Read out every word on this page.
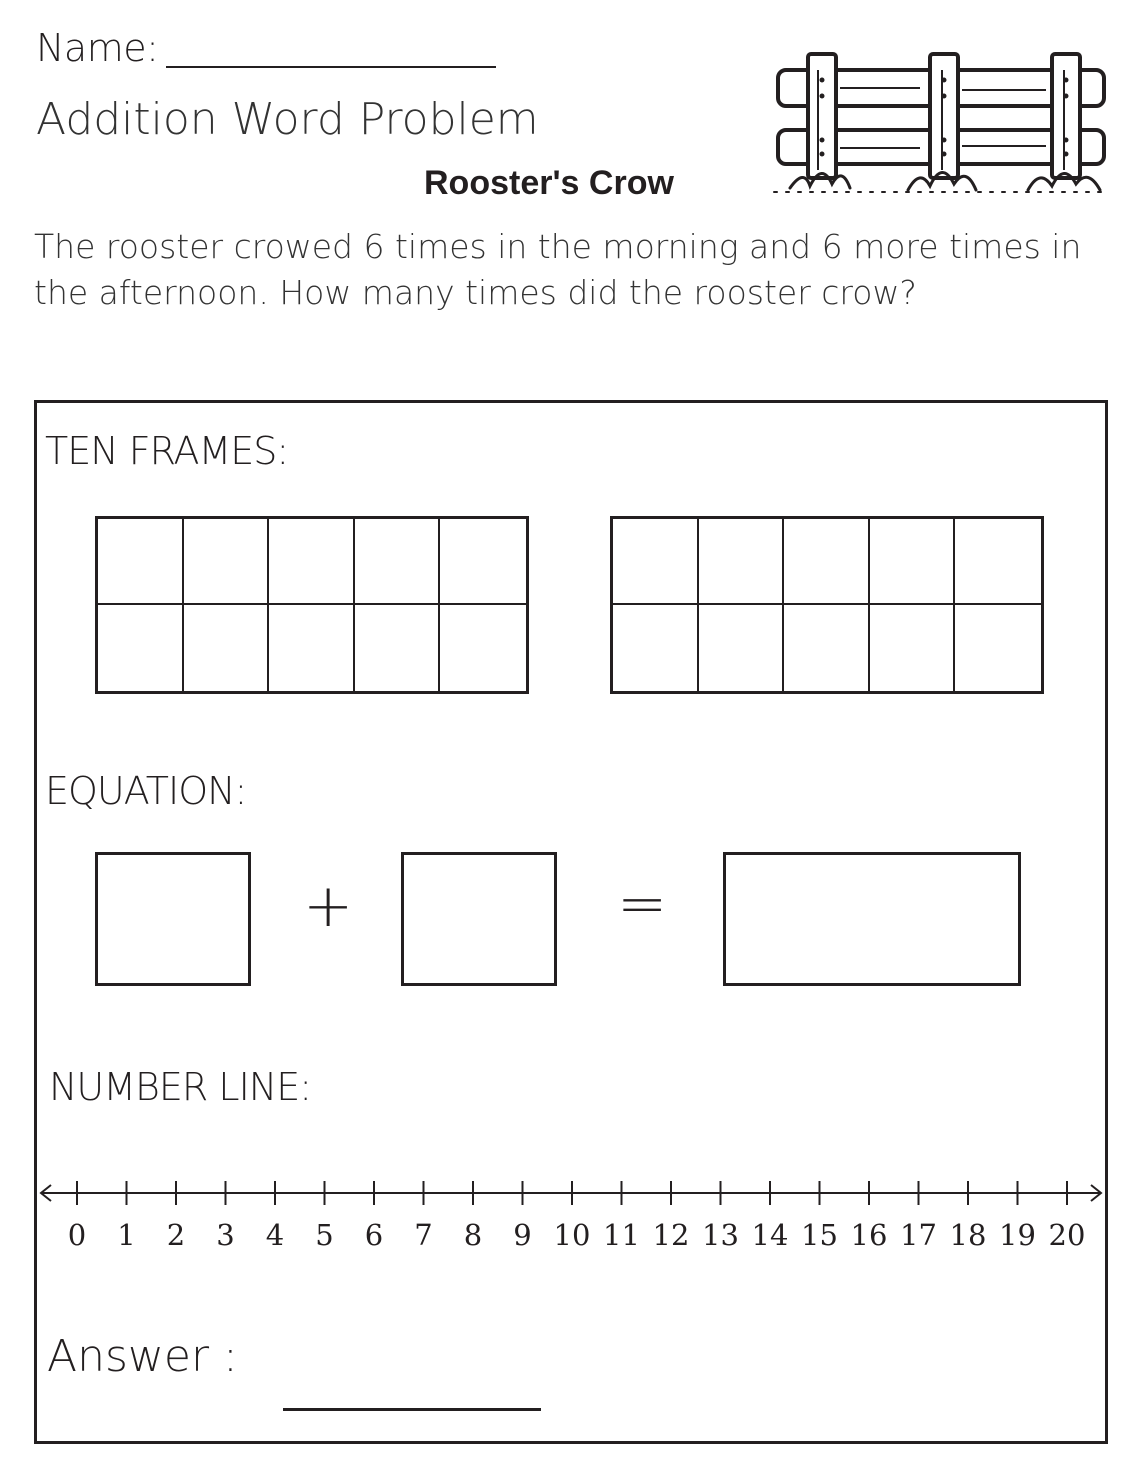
Name:
Addition Word Problem
Rooster's Crow

The rooster crowed 6 times in the morning and 6 more times in the afternoon. How many times did the rooster crow?

TEN FRAMES:
EQUATION:
+	=
NUMBER LINE:
0 1 2 3 4 5 6 7 8 9 10 11 12 13 14 15 16 17 18 19 20
Answer :
